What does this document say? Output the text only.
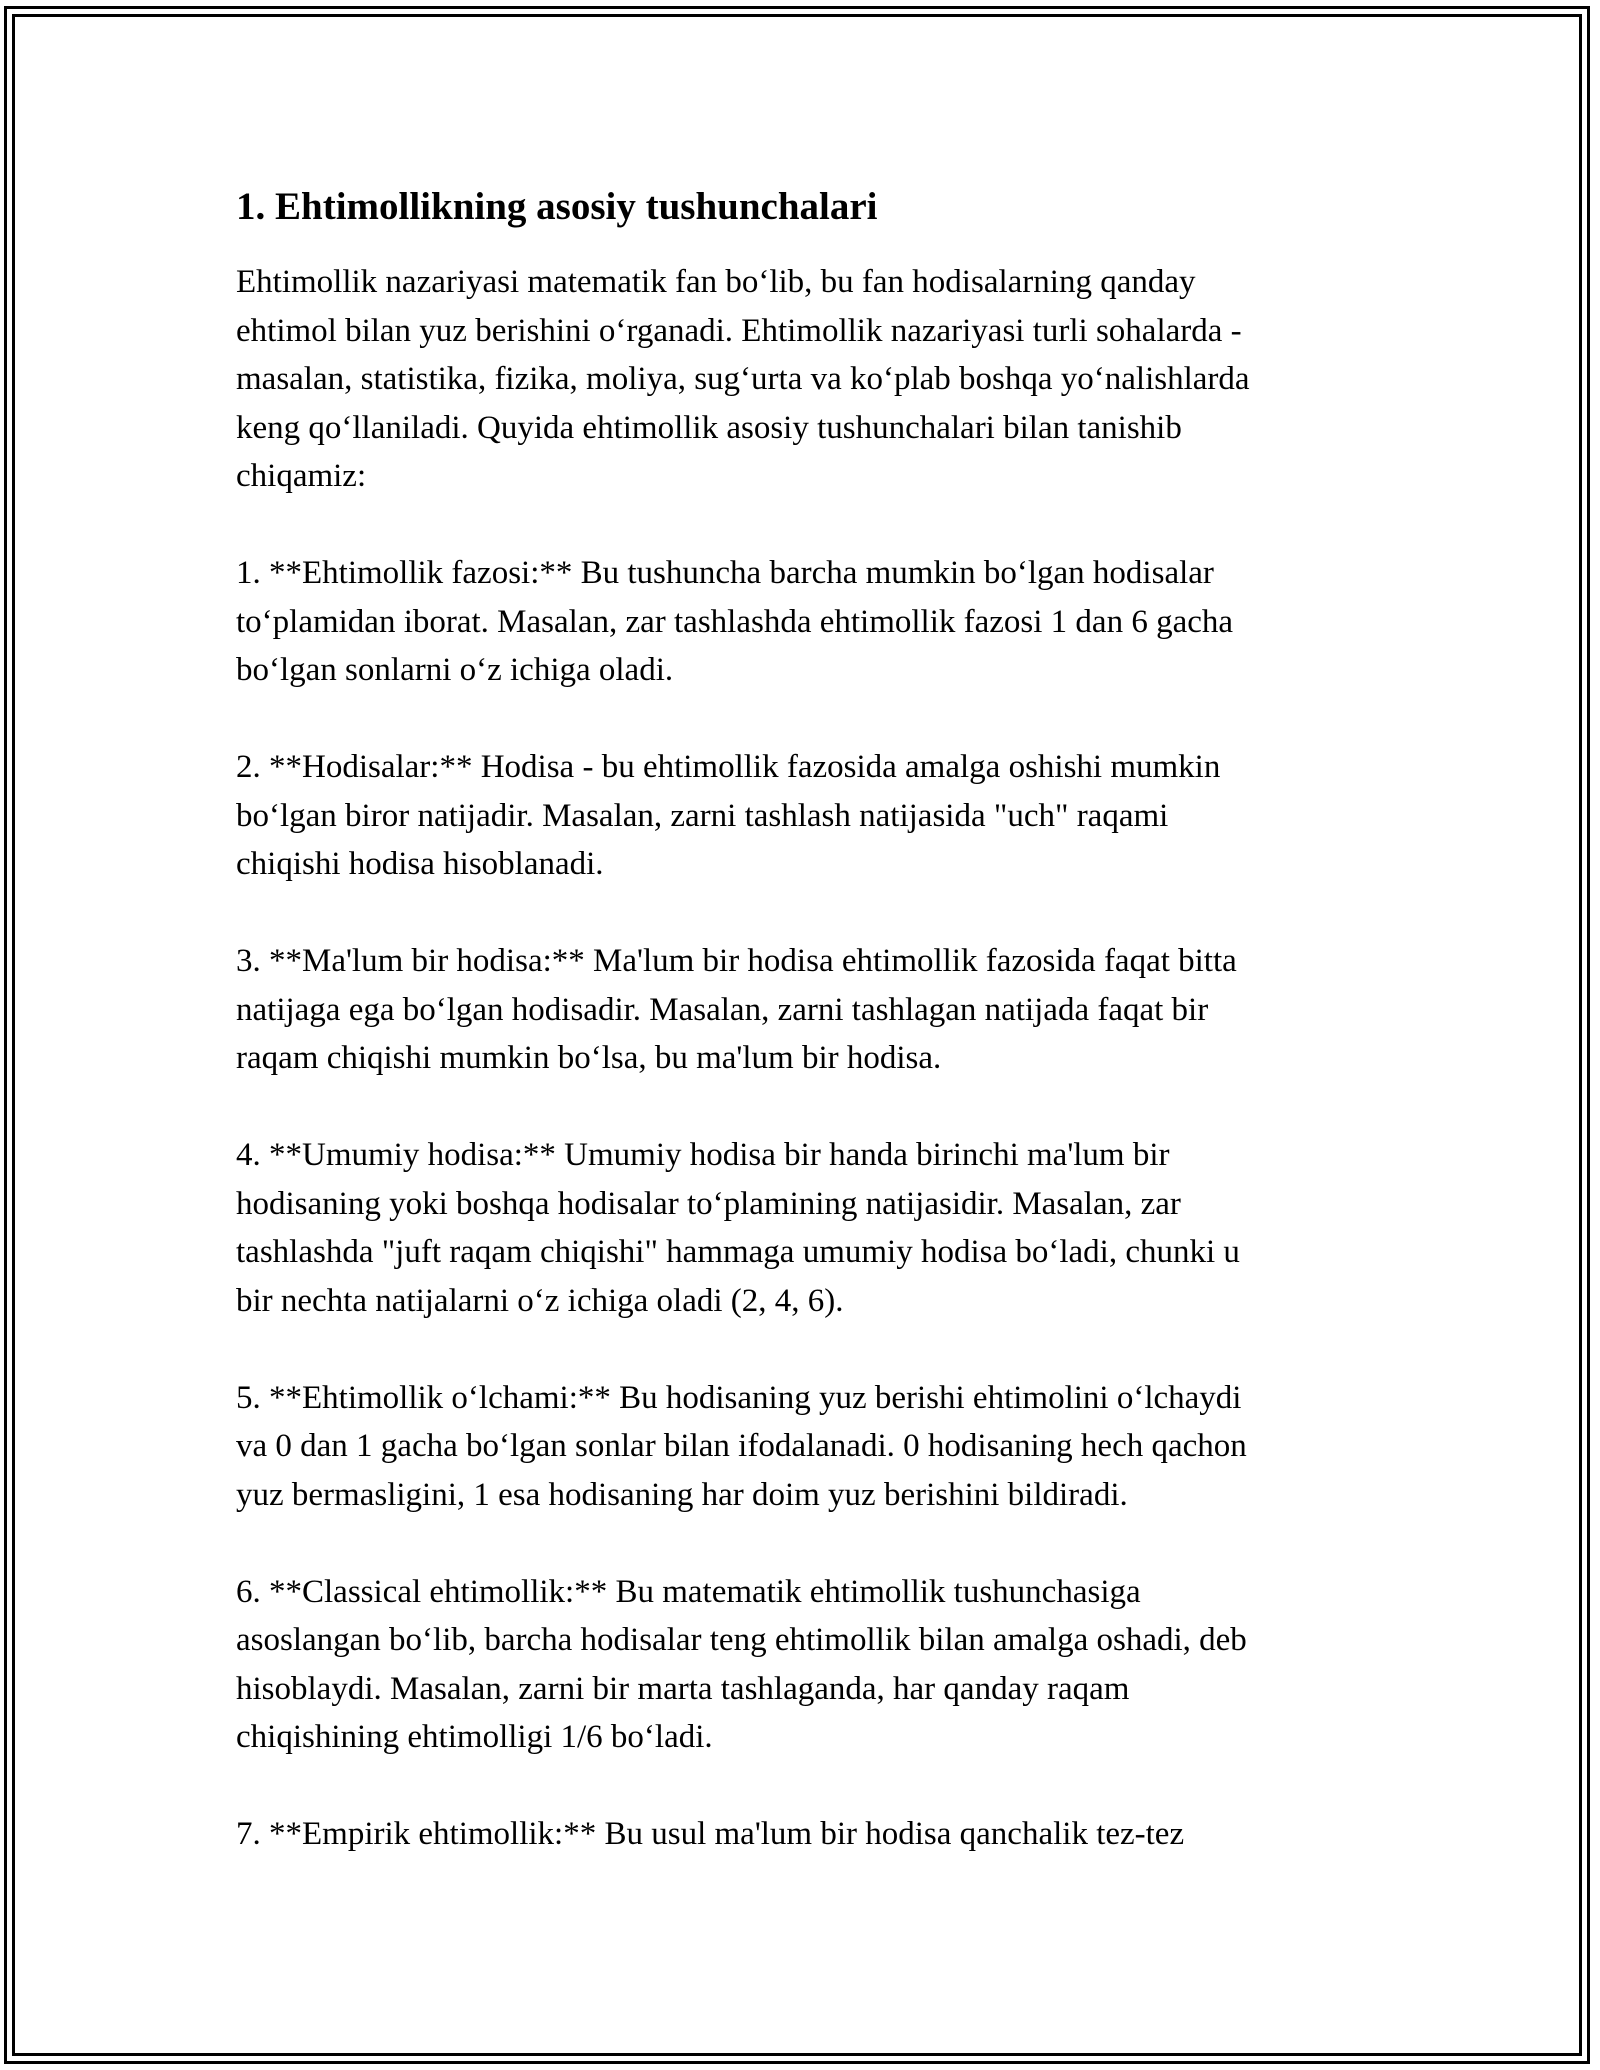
1. Ehtimollikning asosiy tushunchalari

Ehtimollik nazariyasi matematik fan bo‘lib, bu fan hodisalarning qanday
ehtimol bilan yuz berishini o‘rganadi. Ehtimollik nazariyasi turli sohalarda -
masalan, statistika, fizika, moliya, sug‘urta va ko‘plab boshqa yo‘nalishlarda
keng qo‘llaniladi. Quyida ehtimollik asosiy tushunchalari bilan tanishib
chiqamiz:

1. **Ehtimollik fazosi:** Bu tushuncha barcha mumkin bo‘lgan hodisalar
to‘plamidan iborat. Masalan, zar tashlashda ehtimollik fazosi 1 dan 6 gacha
bo‘lgan sonlarni o‘z ichiga oladi.

2. **Hodisalar:** Hodisa - bu ehtimollik fazosida amalga oshishi mumkin
bo‘lgan biror natijadir. Masalan, zarni tashlash natijasida "uch" raqami
chiqishi hodisa hisoblanadi.

3. **Ma'lum bir hodisa:** Ma'lum bir hodisa ehtimollik fazosida faqat bitta
natijaga ega bo‘lgan hodisadir. Masalan, zarni tashlagan natijada faqat bir
raqam chiqishi mumkin bo‘lsa, bu ma'lum bir hodisa.

4. **Umumiy hodisa:** Umumiy hodisa bir handa birinchi ma'lum bir
hodisaning yoki boshqa hodisalar to‘plamining natijasidir. Masalan, zar
tashlashda "juft raqam chiqishi" hammaga umumiy hodisa bo‘ladi, chunki u
bir nechta natijalarni o‘z ichiga oladi (2, 4, 6).

5. **Ehtimollik o‘lchami:** Bu hodisaning yuz berishi ehtimolini o‘lchaydi
va 0 dan 1 gacha bo‘lgan sonlar bilan ifodalanadi. 0 hodisaning hech qachon
yuz bermasligini, 1 esa hodisaning har doim yuz berishini bildiradi.

6. **Classical ehtimollik:** Bu matematik ehtimollik tushunchasiga
asoslangan bo‘lib, barcha hodisalar teng ehtimollik bilan amalga oshadi, deb
hisoblaydi. Masalan, zarni bir marta tashlaganda, har qanday raqam
chiqishining ehtimolligi 1/6 bo‘ladi.

7. **Empirik ehtimollik:** Bu usul ma'lum bir hodisa qanchalik tez-tez
